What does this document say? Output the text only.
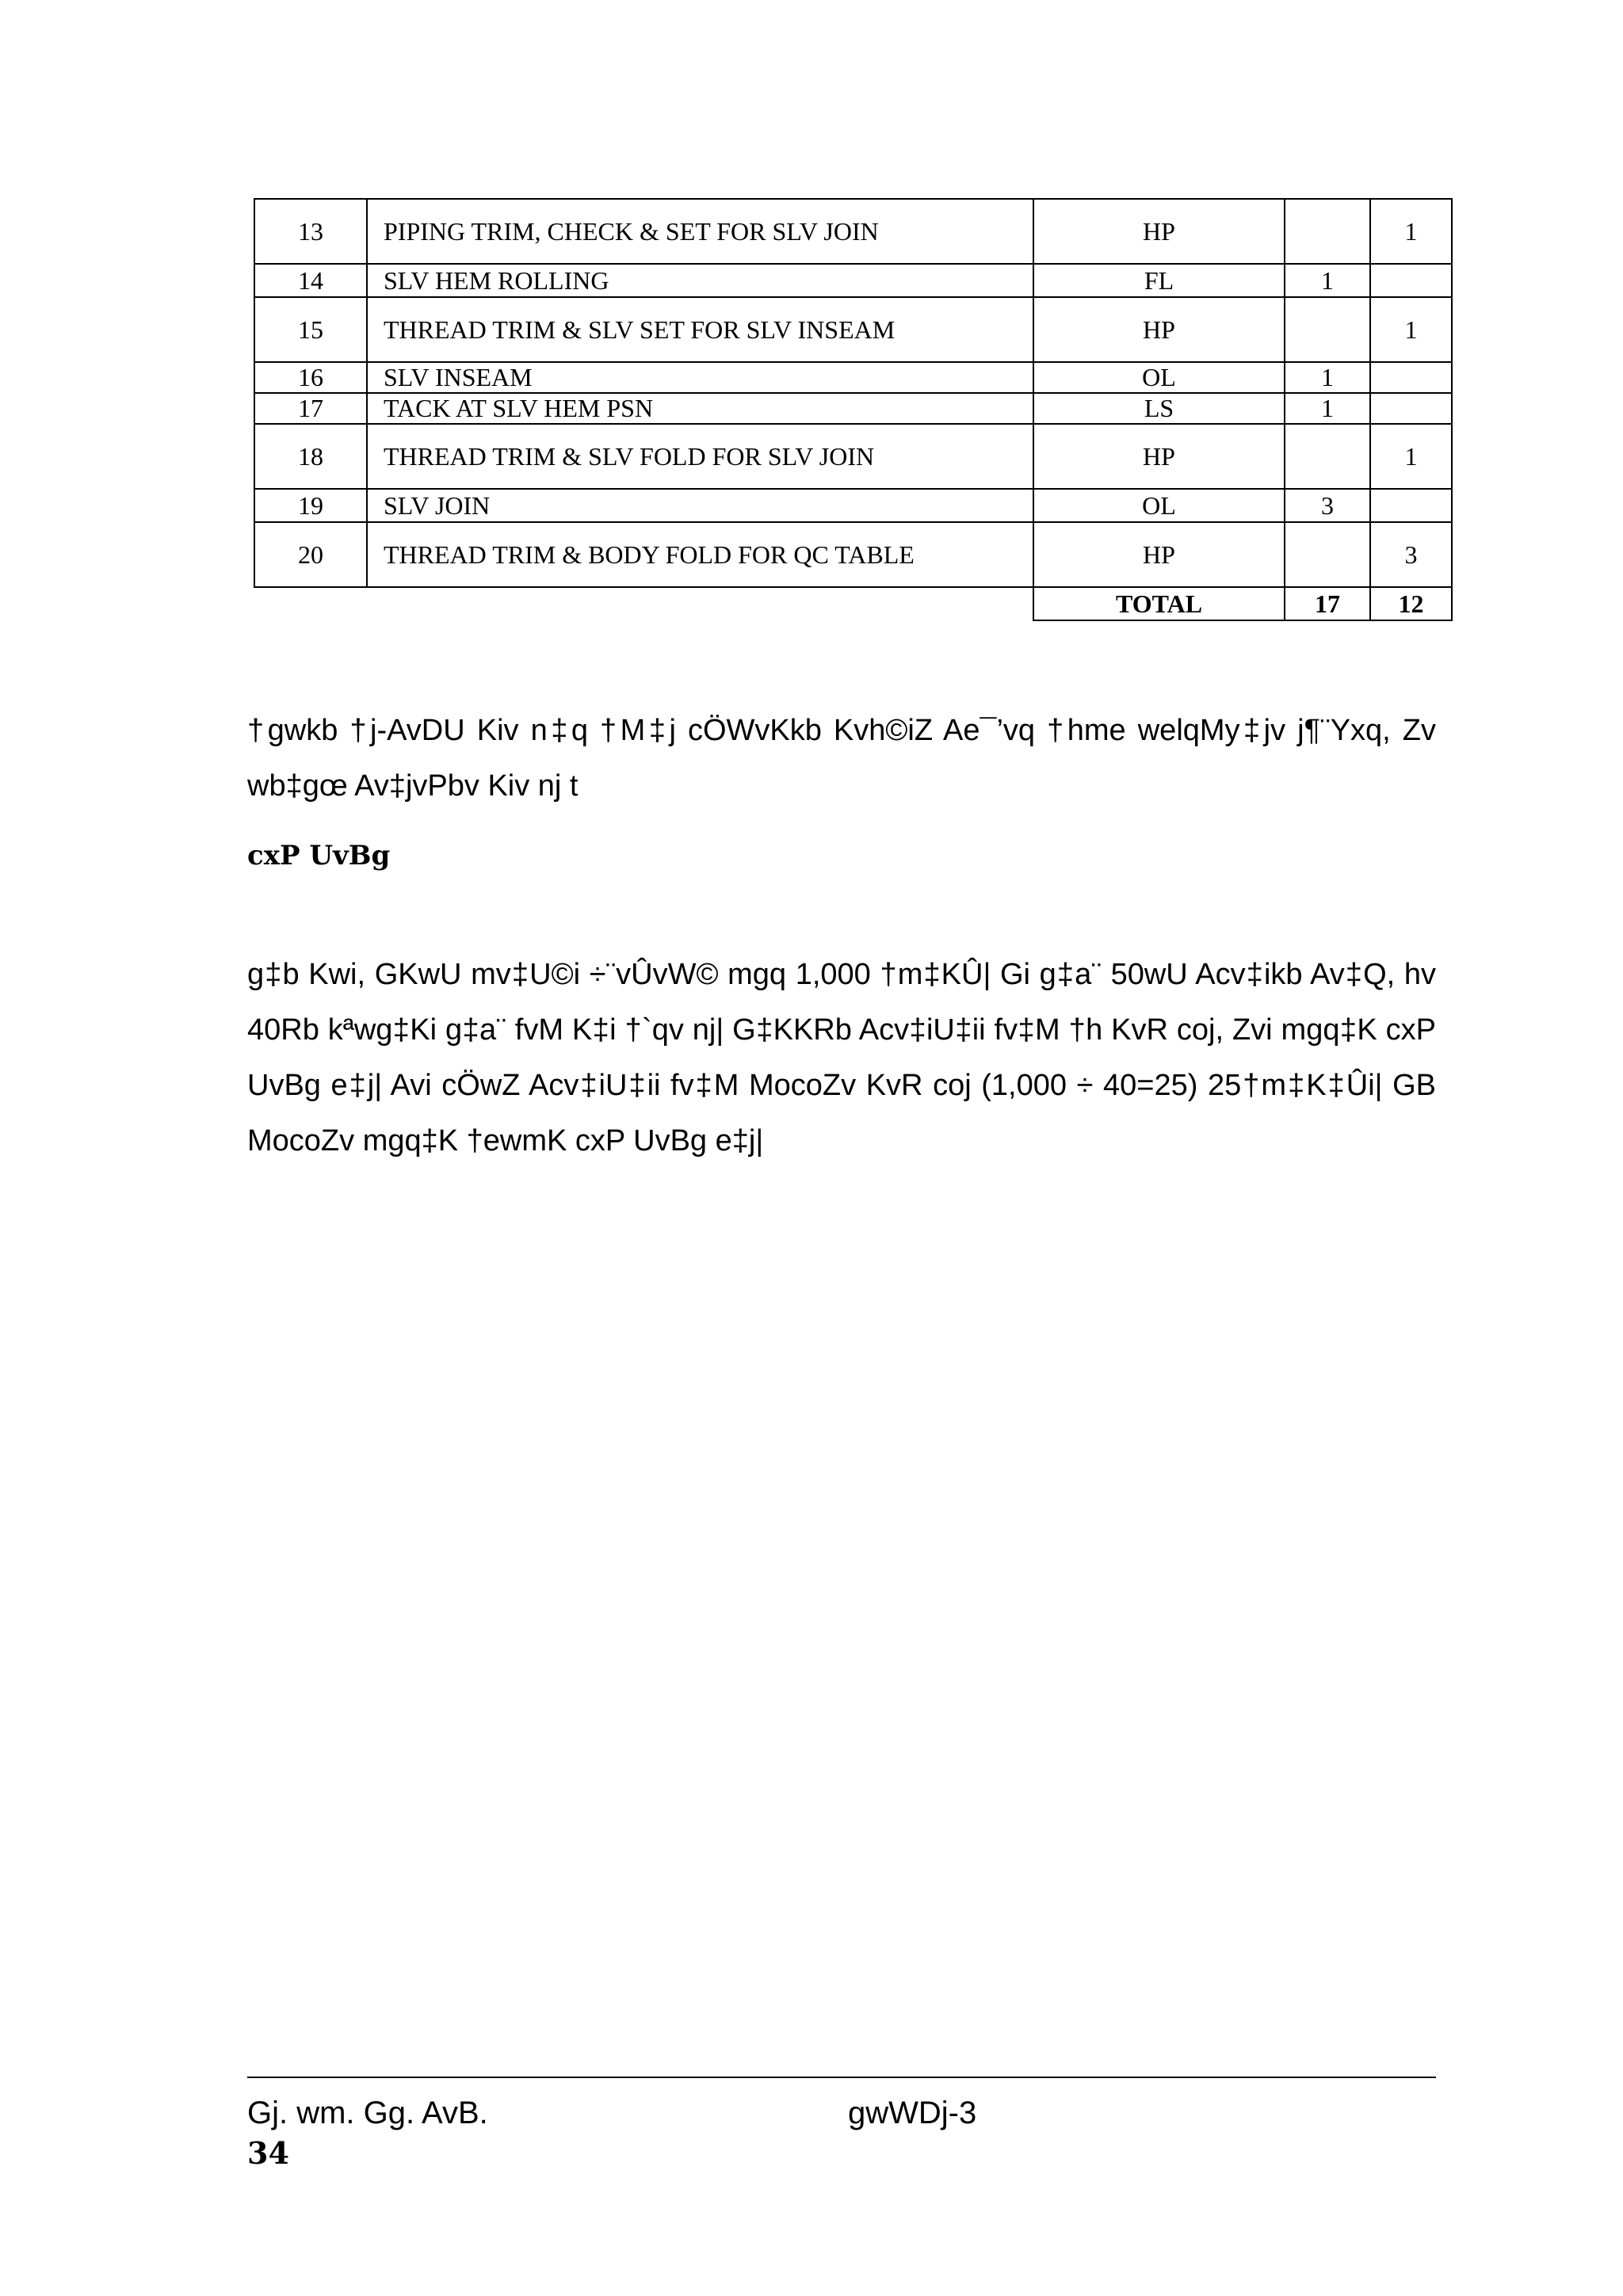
13	PIPING TRIM, CHECK & SET FOR SLV JOIN	HP		1
14	SLV HEM ROLLING	FL	1	
15	THREAD TRIM & SLV SET FOR SLV INSEAM	HP		1
16	SLV INSEAM	OL	1	
17	TACK AT SLV HEM PSN	LS	1	
18	THREAD TRIM & SLV FOLD FOR SLV JOIN	HP		1
19	SLV JOIN	OL	3	
20	THREAD TRIM & BODY FOLD FOR QC TABLE	HP		3
		TOTAL	17	12

†gwkb †j-AvDU Kiv n‡q †M‡j cÖWvKkb Kvh©iZ Ae¯’vq †hme welqMy‡jv j¶¨Yxq, Zv wb‡gœ Av‡jvPbv Kiv nj t

cxP UvBg

g‡b Kwi, GKwU mv‡U©i ÷¨vÛvW© mgq 1,000 †m‡KÛ| Gi g‡a¨ 50wU Acv‡ikb Av‡Q, hv 40Rb kªwg‡Ki g‡a¨ fvM K‡i †`qv nj| G‡KKRb Acv‡iU‡ii fv‡M †h KvR coj, Zvi mgq‡K cxP UvBg e‡j| Avi cÖwZ Acv‡iU‡ii fv‡M MocoZv KvR coj (1,000 ÷ 40=25) 25†m‡K‡Ûi| GB MocoZv mgq‡K †ewmK cxP UvBg e‡j|

Gj. wm. Gg. AvB.	gwWDj-3
34
